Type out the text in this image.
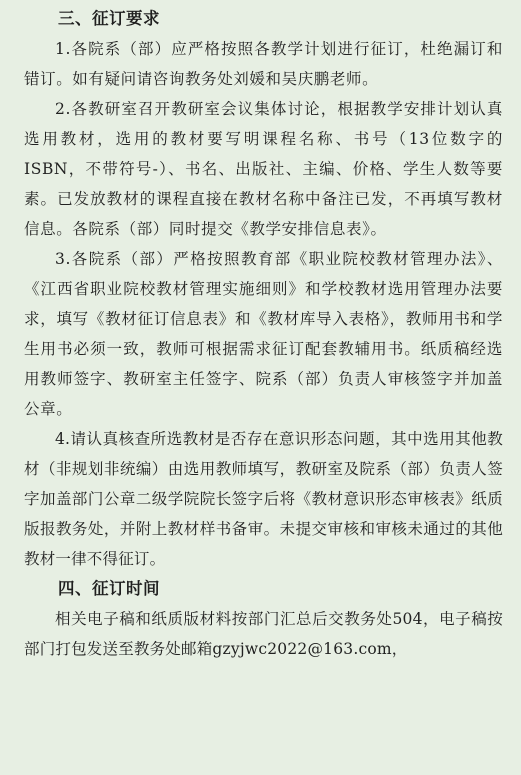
三、征订要求

1.各院系（部）应严格按照各教学计划进行征订，杜绝漏订和错订。如有疑问请咨询教务处刘媛和吴庆鹏老师。

2.各教研室召开教研室会议集体讨论，根据教学安排计划认真选用教材，选用的教材要写明课程名称、书号（13位数字的ISBN，不带符号-）、书名、出版社、主编、价格、学生人数等要素。已发放教材的课程直接在教材名称中备注已发，不再填写教材信息。各院系（部）同时提交《教学安排信息表》。

3.各院系（部）严格按照教育部《职业院校教材管理办法》、《江西省职业院校教材管理实施细则》和学校教材选用管理办法要求，填写《教材征订信息表》和《教材库导入表格》，教师用书和学生用书必须一致，教师可根据需求征订配套教辅用书。纸质稿经选用教师签字、教研室主任签字、院系（部）负责人审核签字并加盖公章。

4.请认真核查所选教材是否存在意识形态问题，其中选用其他教材（非规划非统编）由选用教师填写，教研室及院系（部）负责人签字加盖部门公章二级学院院长签字后将《教材意识形态审核表》纸质版报教务处，并附上教材样书备审。未提交审核和审核未通过的其他教材一律不得征订。

四、征订时间

相关电子稿和纸质版材料按部门汇总后交教务处504，电子稿按部门打包发送至教务处邮箱gzyjwc2022@163.com，
